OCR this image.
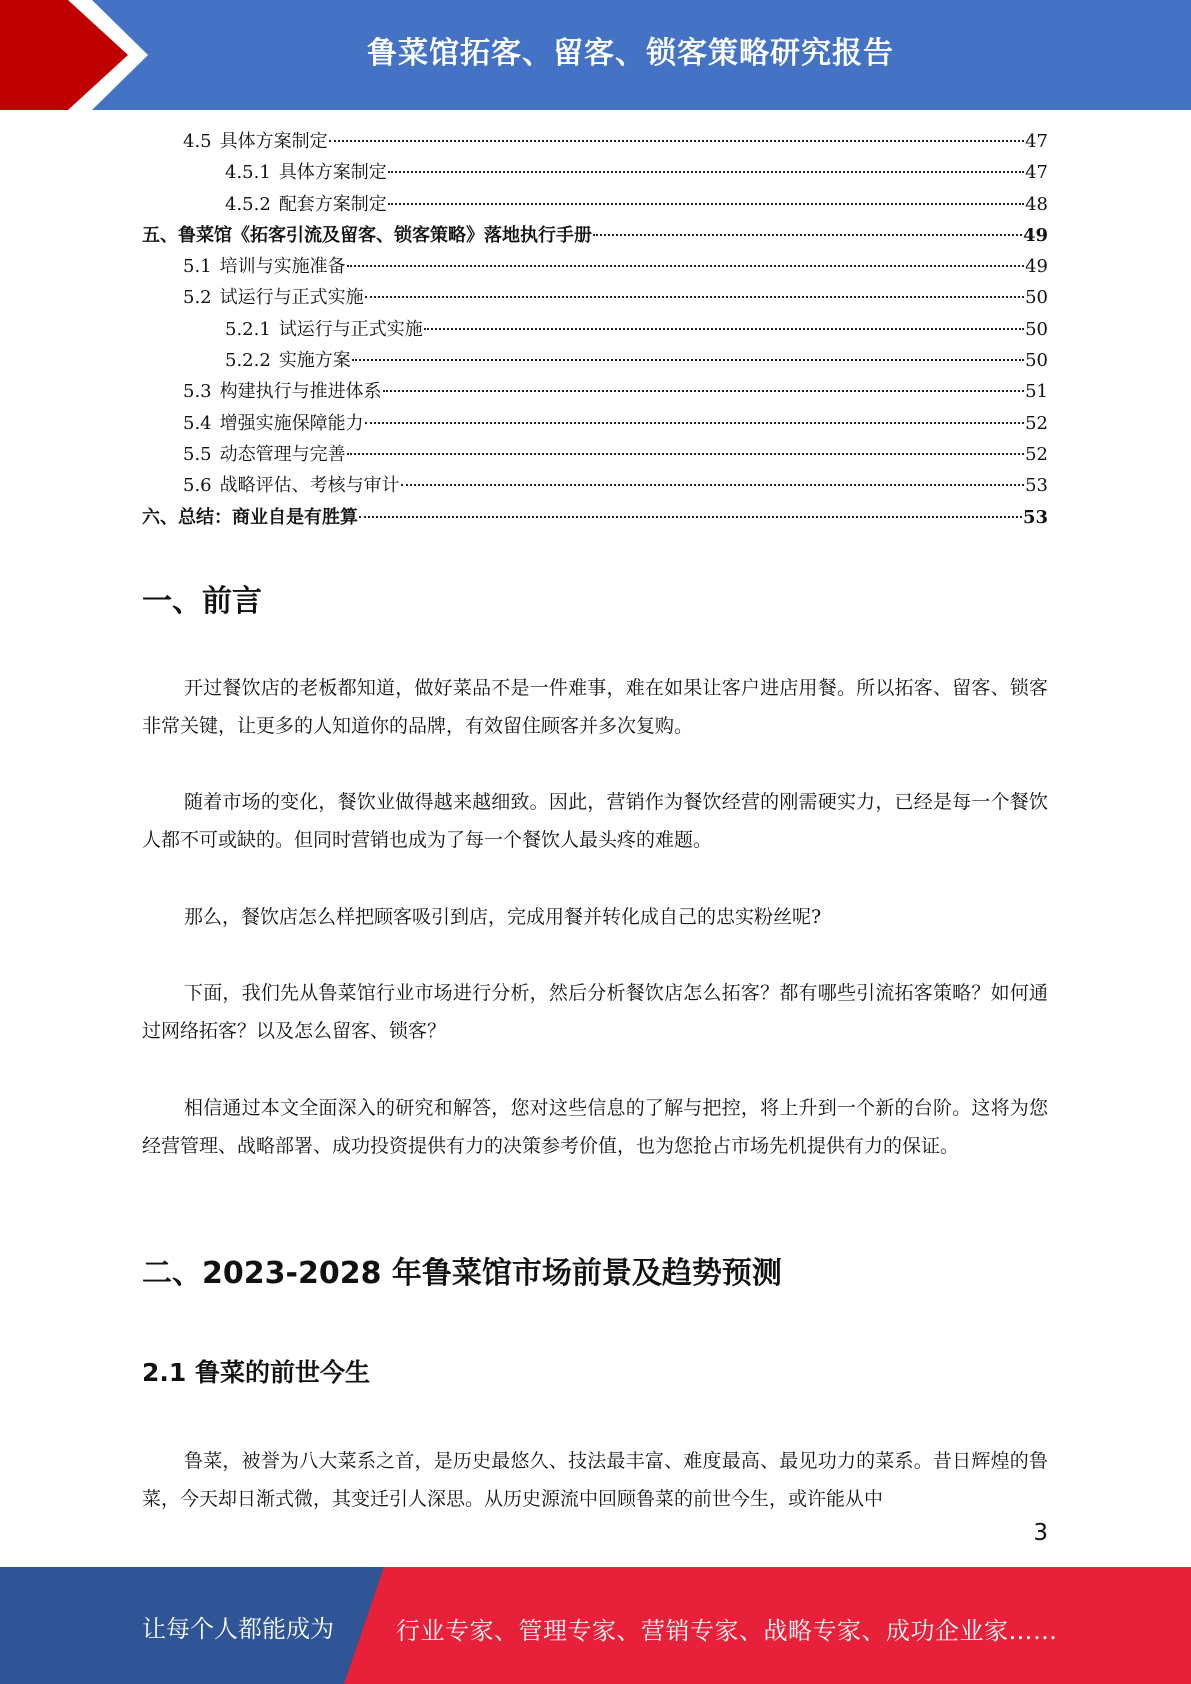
鲁菜馆拓客、留客、锁客策略研究报告
4.5 具体方案制定	47
4.5.1 具体方案制定	47
4.5.2 配套方案制定	48
五、鲁菜馆《拓客引流及留客、锁客策略》落地执行手册	49
5.1 培训与实施准备	49
5.2 试运行与正式实施	50
5.2.1 试运行与正式实施	50
5.2.2 实施方案	50
5.3 构建执行与推进体系	51
5.4 增强实施保障能力	52
5.5 动态管理与完善	52
5.6 战略评估、考核与审计	53
六、总结：商业自是有胜算	53
一、前言
开过餐饮店的老板都知道，做好菜品不是一件难事，难在如果让客户进店用餐。所以拓客、留客、锁客非常关键，让更多的人知道你的品牌，有效留住顾客并多次复购。
随着市场的变化，餐饮业做得越来越细致。因此，营销作为餐饮经营的刚需硬实力，已经是每一个餐饮人都不可或缺的。但同时营销也成为了每一个餐饮人最头疼的难题。
那么，餐饮店怎么样把顾客吸引到店，完成用餐并转化成自己的忠实粉丝呢?
下面，我们先从鲁菜馆行业市场进行分析，然后分析餐饮店怎么拓客？都有哪些引流拓客策略？如何通过网络拓客？以及怎么留客、锁客？
相信通过本文全面深入的研究和解答，您对这些信息的了解与把控，将上升到一个新的台阶。这将为您经营管理、战略部署、成功投资提供有力的决策参考价值，也为您抢占市场先机提供有力的保证。
二、2023-2028 年鲁菜馆市场前景及趋势预测
2.1 鲁菜的前世今生
鲁菜，被誉为八大菜系之首，是历史最悠久、技法最丰富、难度最高、最见功力的菜系。昔日辉煌的鲁菜，今天却日渐式微，其变迁引人深思。从历史源流中回顾鲁菜的前世今生，或许能从中
3
让每个人都能成为	行业专家、管理专家、营销专家、战略专家、成功企业家……
